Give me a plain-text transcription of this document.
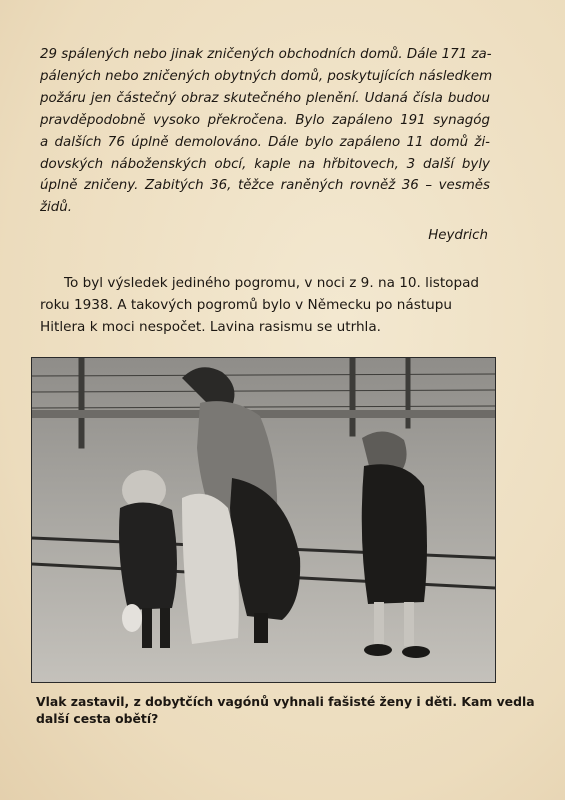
29 spálených nebo jinak zničených obchodních domů. Dále 171 za-
pálených nebo zničených obytných domů, poskytujících následkem
požáru jen částečný obraz skutečného plenění. Udaná čísla budou
pravděpodobně vysoko překročena. Bylo zapáleno 191 synagóg
a dalších 76 úplně demolováno. Dále bylo zapáleno 11 domů ži-
dovských náboženských obcí, kaple na hřbitovech, 3 další byly
úplně zničeny. Zabitých 36, těžce raněných rovněž 36 – vesměs
židů.
Heydrich
To byl výsledek jediného pogromu, v noci z 9. na 10. listopad
roku 1938. A takových pogromů bylo v Německu po nástupu
Hitlera k moci nespočet. Lavina rasismu se utrhla.
Vlak zastavil, z dobytčích vagónů vyhnali fašisté ženy i děti. Kam vedla
další cesta obětí?
